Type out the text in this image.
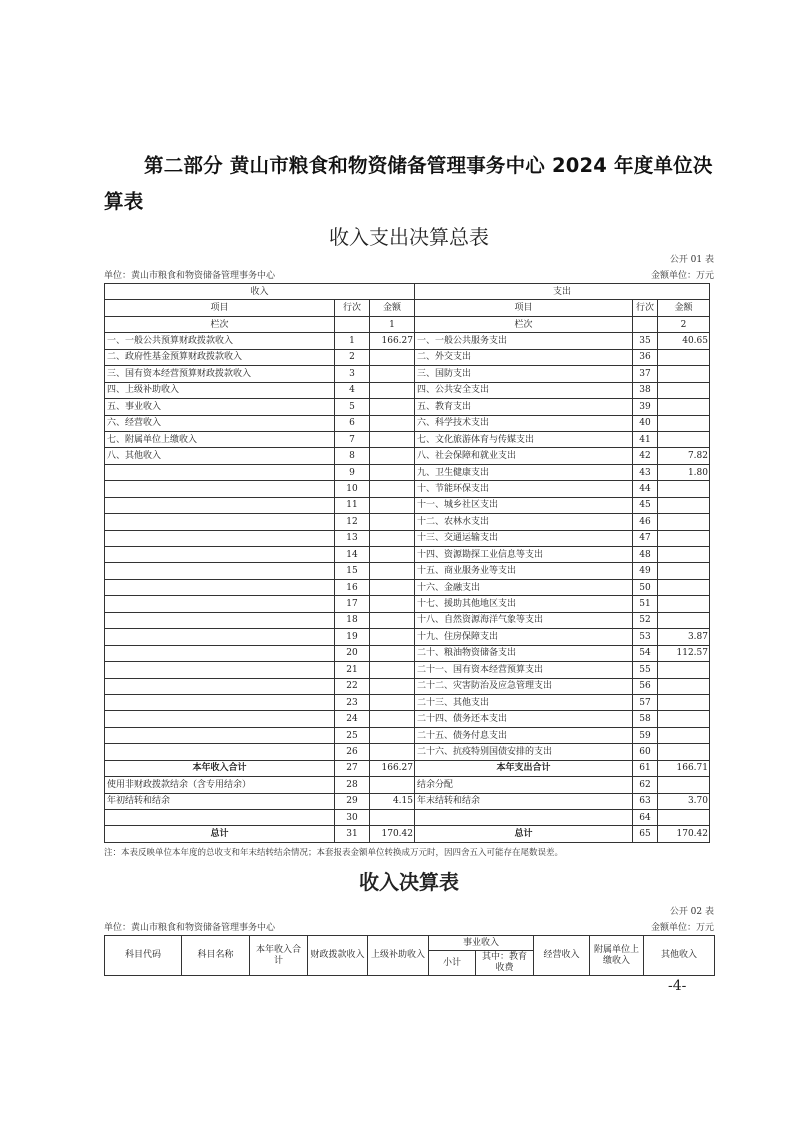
第二部分 黄山市粮食和物资储备管理事务中心 2024 年度单位决算表
收入支出决算总表
公开 01 表
单位：黄山市粮食和物资储备管理事务中心	金额单位：万元
收入			支出		
项目	行次	金额	项目	行次	金额
栏次		1	栏次		2
一、一般公共预算财政拨款收入	1	166.27	一、一般公共服务支出	35	40.65
二、政府性基金预算财政拨款收入	2		二、外交支出	36	
三、国有资本经营预算财政拨款收入	3		三、国防支出	37	
四、上级补助收入	4		四、公共安全支出	38	
五、事业收入	5		五、教育支出	39	
六、经营收入	6		六、科学技术支出	40	
七、附属单位上缴收入	7		七、文化旅游体育与传媒支出	41	
八、其他收入	8		八、社会保障和就业支出	42	7.82
	9		九、卫生健康支出	43	1.80
	10		十、节能环保支出	44	
	11		十一、城乡社区支出	45	
	12		十二、农林水支出	46	
	13		十三、交通运输支出	47	
	14		十四、资源勘探工业信息等支出	48	
	15		十五、商业服务业等支出	49	
	16		十六、金融支出	50	
	17		十七、援助其他地区支出	51	
	18		十八、自然资源海洋气象等支出	52	
	19		十九、住房保障支出	53	3.87
	20		二十、粮油物资储备支出	54	112.57
	21		二十一、国有资本经营预算支出	55	
	22		二十二、灾害防治及应急管理支出	56	
	23		二十三、其他支出	57	
	24		二十四、债务还本支出	58	
	25		二十五、债务付息支出	59	
	26		二十六、抗疫特别国债安排的支出	60	
本年收入合计	27	166.27	本年支出合计	61	166.71
使用非财政拨款结余（含专用结余）	28		结余分配	62	
年初结转和结余	29	4.15	年末结转和结余	63	3.70
	30			64	
总计	31	170.42	总计	65	170.42
注：本表反映单位本年度的总收支和年末结转结余情况；本套报表金额单位转换成万元时，因四舍五入可能存在尾数误差。
收入决算表
公开 02 表
单位：黄山市粮食和物资储备管理事务中心	金额单位：万元
科目代码	科目名称	本年收入合计	财政拨款收入	上级补助收入	事业收入		经营收入	附属单位上缴收入	其他收入
					小计	其中：教育收费			
-4-
